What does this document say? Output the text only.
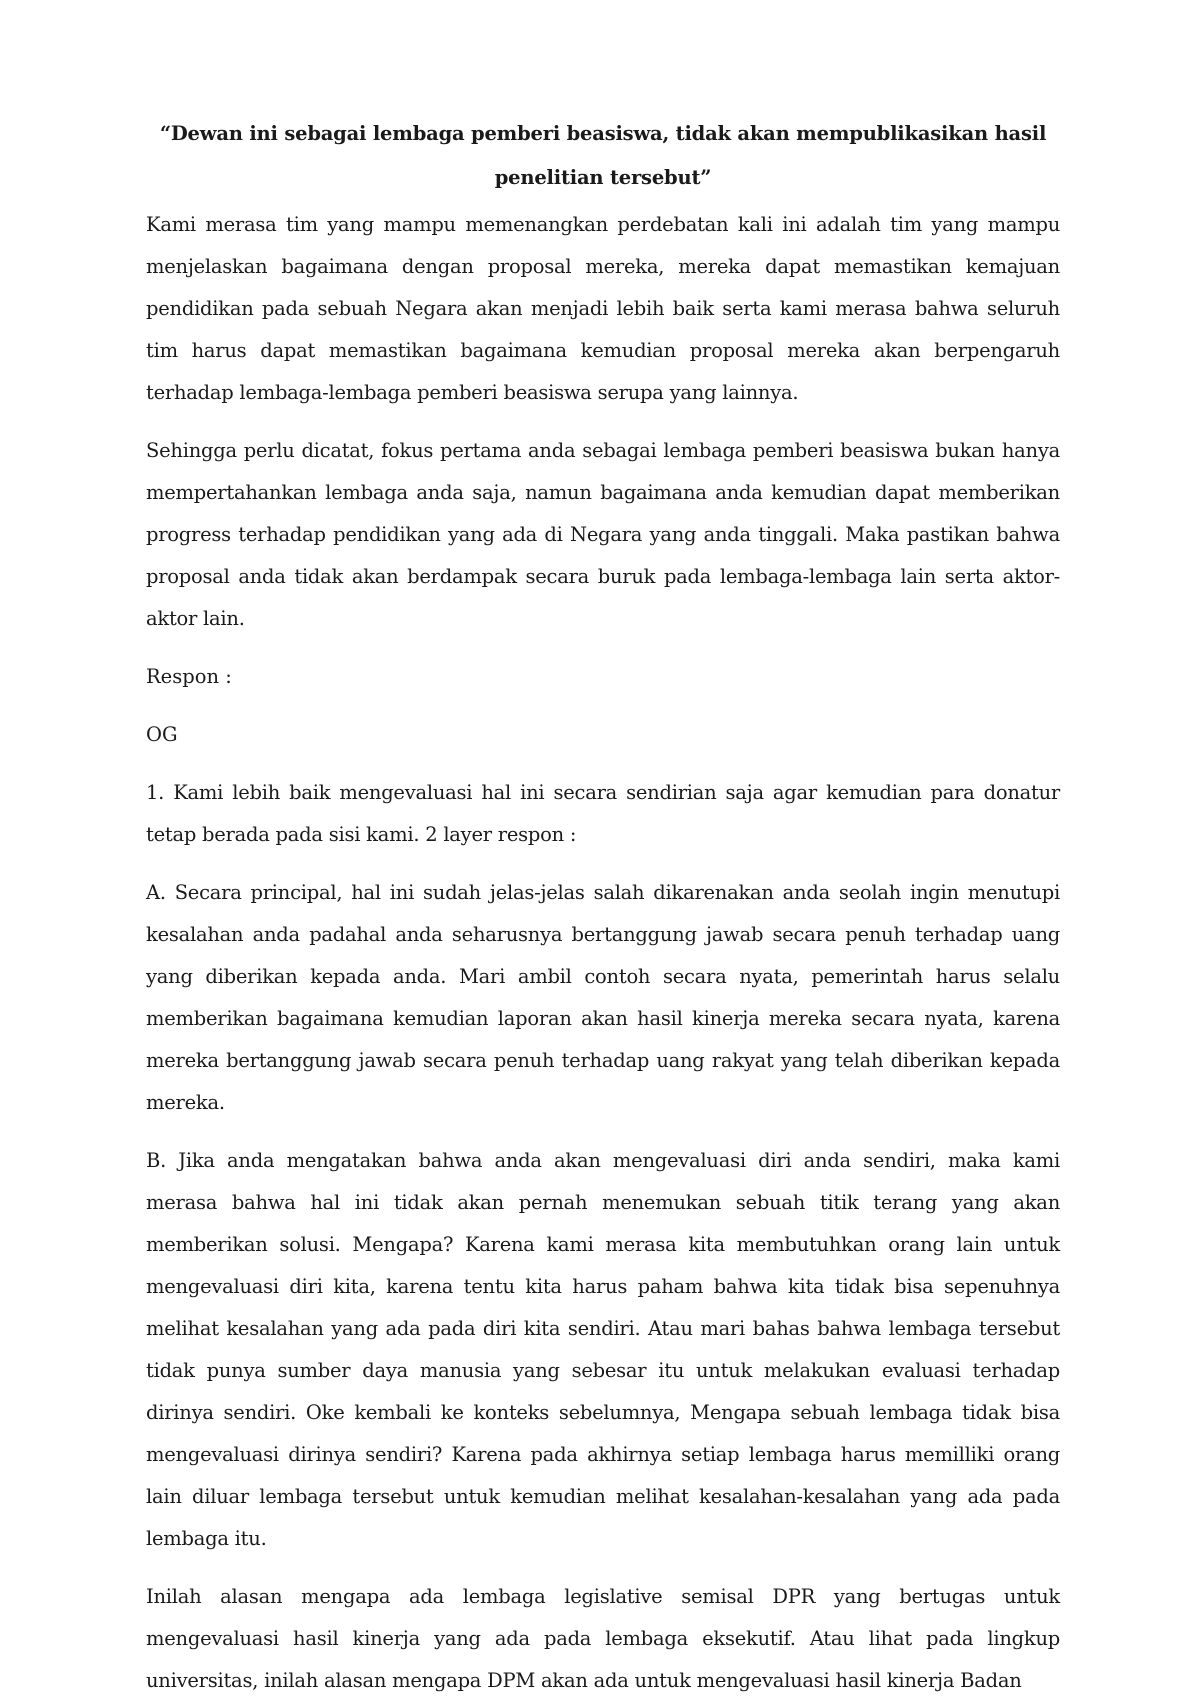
“Dewan ini sebagai lembaga pemberi beasiswa, tidak akan mempublikasikan hasil penelitian tersebut”

Kami merasa tim yang mampu memenangkan perdebatan kali ini adalah tim yang mampu menjelaskan bagaimana dengan proposal mereka, mereka dapat memastikan kemajuan pendidikan pada sebuah Negara akan menjadi lebih baik serta kami merasa bahwa seluruh tim harus dapat memastikan bagaimana kemudian proposal mereka akan berpengaruh terhadap lembaga-lembaga pemberi beasiswa serupa yang lainnya.

Sehingga perlu dicatat, fokus pertama anda sebagai lembaga pemberi beasiswa bukan hanya mempertahankan lembaga anda saja, namun bagaimana anda kemudian dapat memberikan progress terhadap pendidikan yang ada di Negara yang anda tinggali. Maka pastikan bahwa proposal anda tidak akan berdampak secara buruk pada lembaga-lembaga lain serta aktor-aktor lain.

Respon :

OG

1. Kami lebih baik mengevaluasi hal ini secara sendirian saja agar kemudian para donatur tetap berada pada sisi kami. 2 layer respon :

A. Secara principal, hal ini sudah jelas-jelas salah dikarenakan anda seolah ingin menutupi kesalahan anda padahal anda seharusnya bertanggung jawab secara penuh terhadap uang yang diberikan kepada anda. Mari ambil contoh secara nyata, pemerintah harus selalu memberikan bagaimana kemudian laporan akan hasil kinerja mereka secara nyata, karena mereka bertanggung jawab secara penuh terhadap uang rakyat yang telah diberikan kepada mereka.

B. Jika anda mengatakan bahwa anda akan mengevaluasi diri anda sendiri, maka kami merasa bahwa hal ini tidak akan pernah menemukan sebuah titik terang yang akan memberikan solusi. Mengapa? Karena kami merasa kita membutuhkan orang lain untuk mengevaluasi diri kita, karena tentu kita harus paham bahwa kita tidak bisa sepenuhnya melihat kesalahan yang ada pada diri kita sendiri. Atau mari bahas bahwa lembaga tersebut tidak punya sumber daya manusia yang sebesar itu untuk melakukan evaluasi terhadap dirinya sendiri. Oke kembali ke konteks sebelumnya, Mengapa sebuah lembaga tidak bisa mengevaluasi dirinya sendiri? Karena pada akhirnya setiap lembaga harus memilliki orang lain diluar lembaga tersebut untuk kemudian melihat kesalahan-kesalahan yang ada pada lembaga itu.

Inilah alasan mengapa ada lembaga legislative semisal DPR yang bertugas untuk mengevaluasi hasil kinerja yang ada pada lembaga eksekutif. Atau lihat pada lingkup universitas, inilah alasan mengapa DPM akan ada untuk mengevaluasi hasil kinerja Badan
